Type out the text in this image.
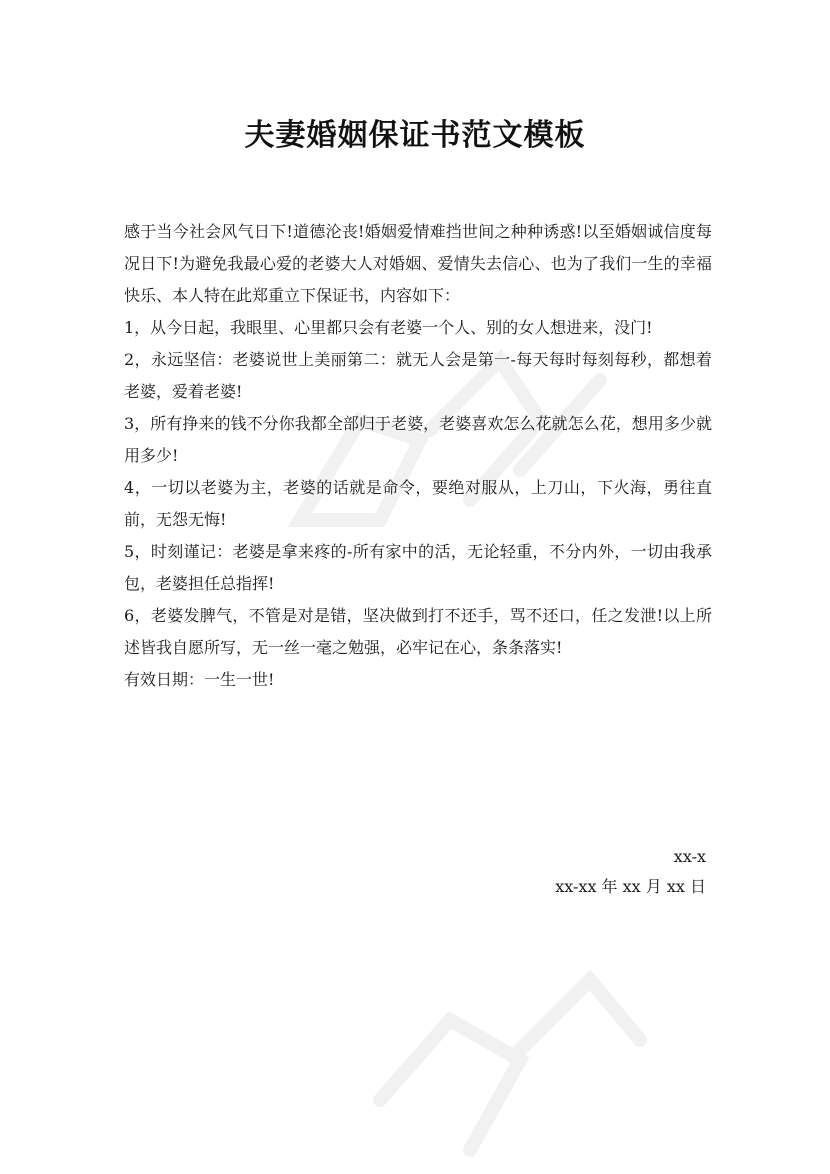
夫妻婚姻保证书范文模板

感于当今社会风气日下!道德沦丧!婚姻爱情难挡世间之种种诱惑!以至婚姻诚信度每况日下!为避免我最心爱的老婆大人对婚姻、爱情失去信心、也为了我们一生的幸福快乐、本人特在此郑重立下保证书，内容如下：

1，从今日起，我眼里、心里都只会有老婆一个人、别的女人想进来，没门!

2，永远坚信：老婆说世上美丽第二：就无人会是第一-每天每时每刻每秒，都想着老婆，爱着老婆!

3，所有挣来的钱不分你我都全部归于老婆，老婆喜欢怎么花就怎么花，想用多少就用多少!

4，一切以老婆为主，老婆的话就是命令，要绝对服从，上刀山，下火海，勇往直前，无怨无悔!

5，时刻谨记：老婆是拿来疼的-所有家中的活，无论轻重，不分内外，一切由我承包，老婆担任总指挥!

6，老婆发脾气，不管是对是错，坚决做到打不还手，骂不还口，任之发泄!以上所述皆我自愿所写，无一丝一毫之勉强，必牢记在心，条条落实!

有效日期：一生一世!

xx-x
xx-xx 年 xx 月 xx 日
